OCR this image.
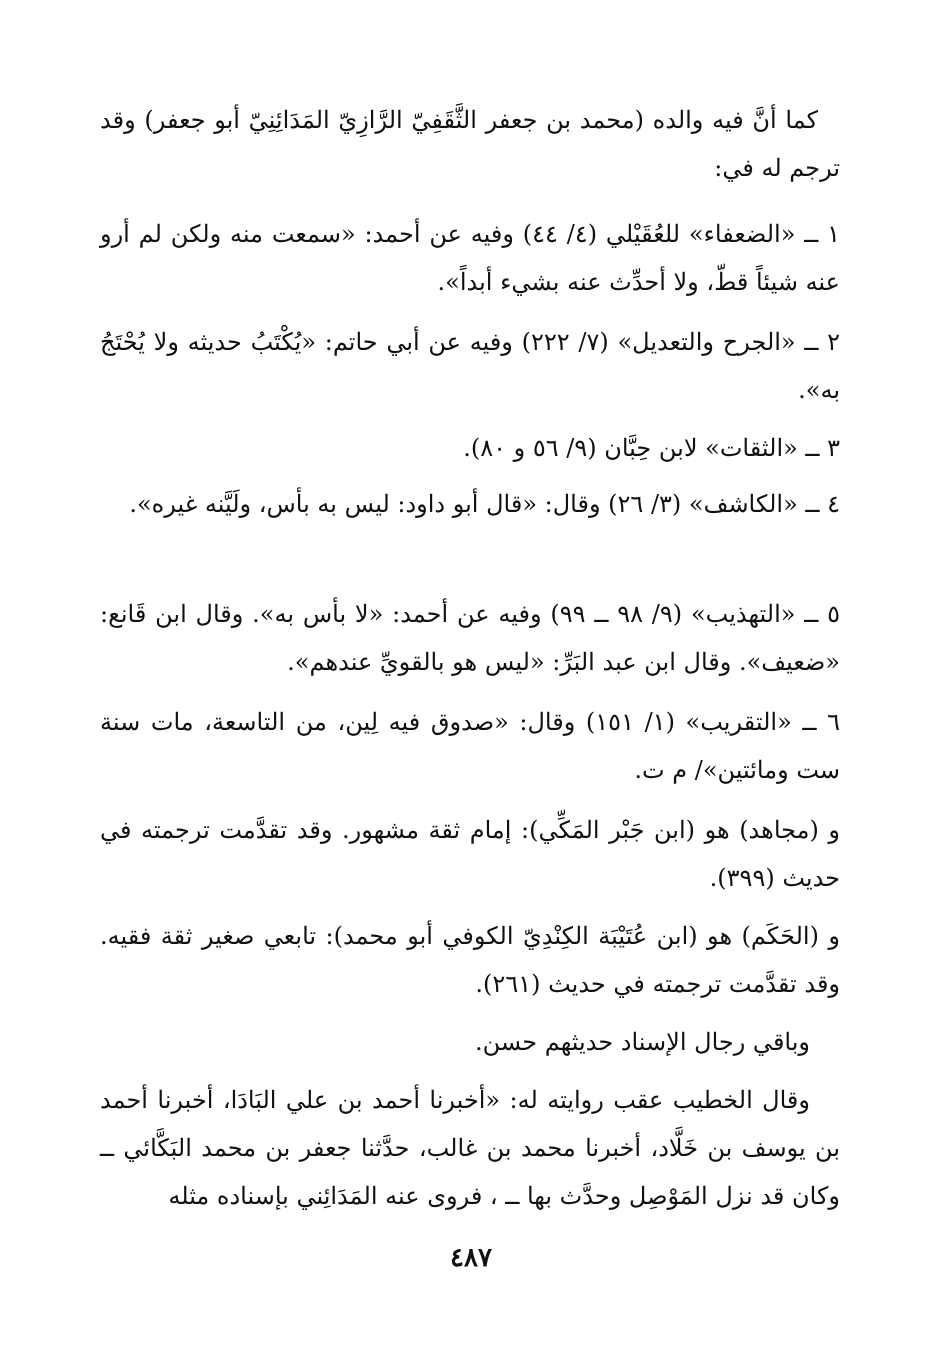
كما أنَّ فيه والده (محمد بن جعفر الثَّقَفِيّ الرَّازِيّ المَدَائِنِيّ أبو جعفر) وقد ترجم له في:

١ ــ «الضعفاء» للعُقَيْلي (٤/ ٤٤) وفيه عن أحمد: «سمعت منه ولكن لم أرو عنه شيئاً قطّ، ولا أحدِّث عنه بشيء أبداً».

٢ ــ «الجرح والتعديل» (٧/ ٢٢٢) وفيه عن أبي حاتم: «يُكْتَبُ حديثه ولا يُحْتَجُ به».

٣ ــ «الثقات» لابن حِبَّان (٩/ ٥٦ و ٨٠).

٤ ــ «الكاشف» (٣/ ٢٦) وقال: «قال أبو داود: ليس به بأس، ولَيَّنه غيره».

٥ ــ «التهذيب» (٩/ ٩٨ ــ ٩٩) وفيه عن أحمد: «لا بأس به». وقال ابن قَانع: «ضعيف». وقال ابن عبد البَرِّ: «ليس هو بالقويِّ عندهم».

٦ ــ «التقريب» (١/ ١٥١) وقال: «صدوق فيه لِين، من التاسعة، مات سنة ست ومائتين»/ م ت.

و (مجاهد) هو (ابن جَبْر المَكِّي): إمام ثقة مشهور. وقد تقدَّمت ترجمته في حديث (٣٩٩).

و (الحَكَم) هو (ابن عُتَيْبَة الكِنْدِيّ الكوفي أبو محمد): تابعي صغير ثقة فقيه. وقد تقدَّمت ترجمته في حديث (٢٦١).

وباقي رجال الإسناد حديثهم حسن.

وقال الخطيب عقب روايته له: «أخبرنا أحمد بن علي البَادَا، أخبرنا أحمد بن يوسف بن خَلَّاد، أخبرنا محمد بن غالب، حدَّثنا جعفر بن محمد البَكَّائي ــ وكان قد نزل المَوْصِل وحدَّث بها ــ ، فروى عنه المَدَائِني بإسناده مثله

٤٨٧
